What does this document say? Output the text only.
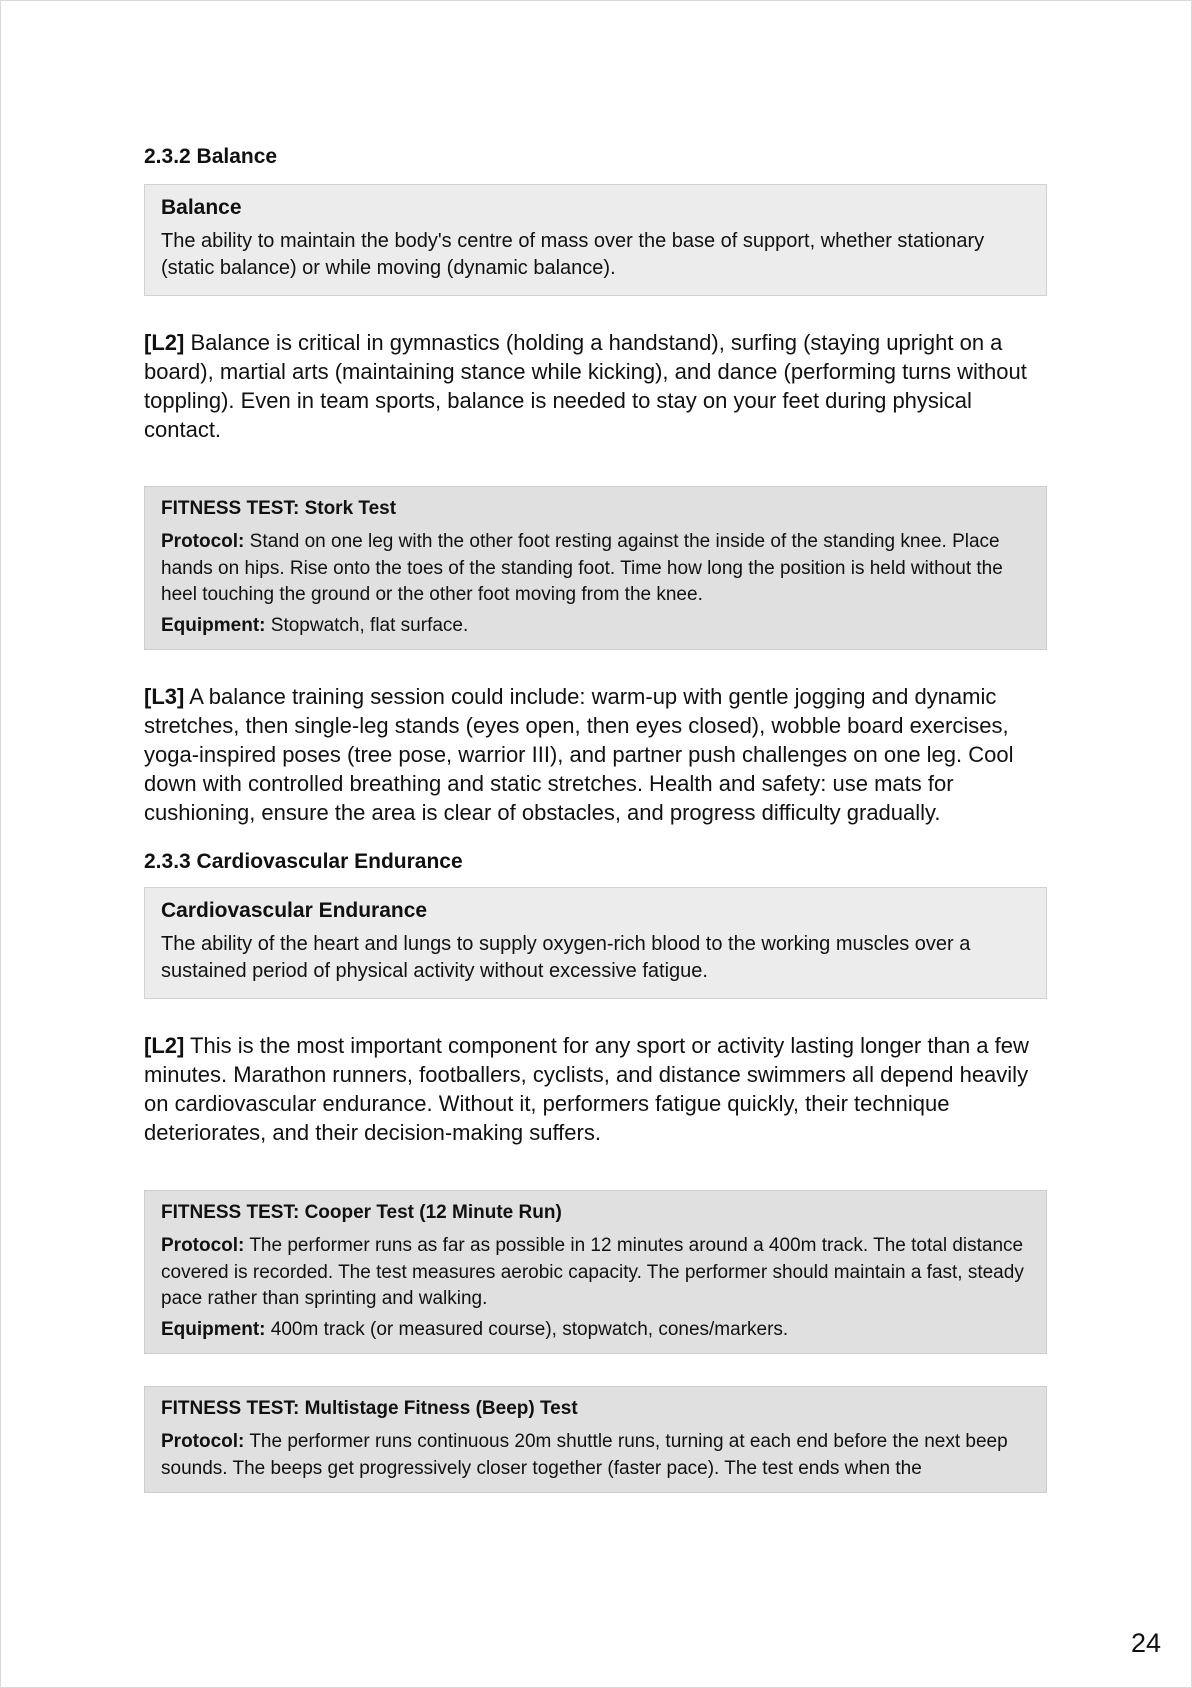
2.3.2 Balance

Balance

The ability to maintain the body's centre of mass over the base of support, whether stationary (static balance) or while moving (dynamic balance).

[L2] Balance is critical in gymnastics (holding a handstand), surfing (staying upright on a board), martial arts (maintaining stance while kicking), and dance (performing turns without toppling). Even in team sports, balance is needed to stay on your feet during physical contact.

FITNESS TEST: Stork Test

Protocol: Stand on one leg with the other foot resting against the inside of the standing knee. Place hands on hips. Rise onto the toes of the standing foot. Time how long the position is held without the heel touching the ground or the other foot moving from the knee.

Equipment: Stopwatch, flat surface.

[L3] A balance training session could include: warm-up with gentle jogging and dynamic stretches, then single-leg stands (eyes open, then eyes closed), wobble board exercises, yoga-inspired poses (tree pose, warrior III), and partner push challenges on one leg. Cool down with controlled breathing and static stretches. Health and safety: use mats for cushioning, ensure the area is clear of obstacles, and progress difficulty gradually.

2.3.3 Cardiovascular Endurance

Cardiovascular Endurance

The ability of the heart and lungs to supply oxygen-rich blood to the working muscles over a sustained period of physical activity without excessive fatigue.

[L2] This is the most important component for any sport or activity lasting longer than a few minutes. Marathon runners, footballers, cyclists, and distance swimmers all depend heavily on cardiovascular endurance. Without it, performers fatigue quickly, their technique deteriorates, and their decision-making suffers.

FITNESS TEST: Cooper Test (12 Minute Run)

Protocol: The performer runs as far as possible in 12 minutes around a 400m track. The total distance covered is recorded. The test measures aerobic capacity. The performer should maintain a fast, steady pace rather than sprinting and walking.

Equipment: 400m track (or measured course), stopwatch, cones/markers.

FITNESS TEST: Multistage Fitness (Beep) Test

Protocol: The performer runs continuous 20m shuttle runs, turning at each end before the next beep sounds. The beeps get progressively closer together (faster pace). The test ends when the

24
